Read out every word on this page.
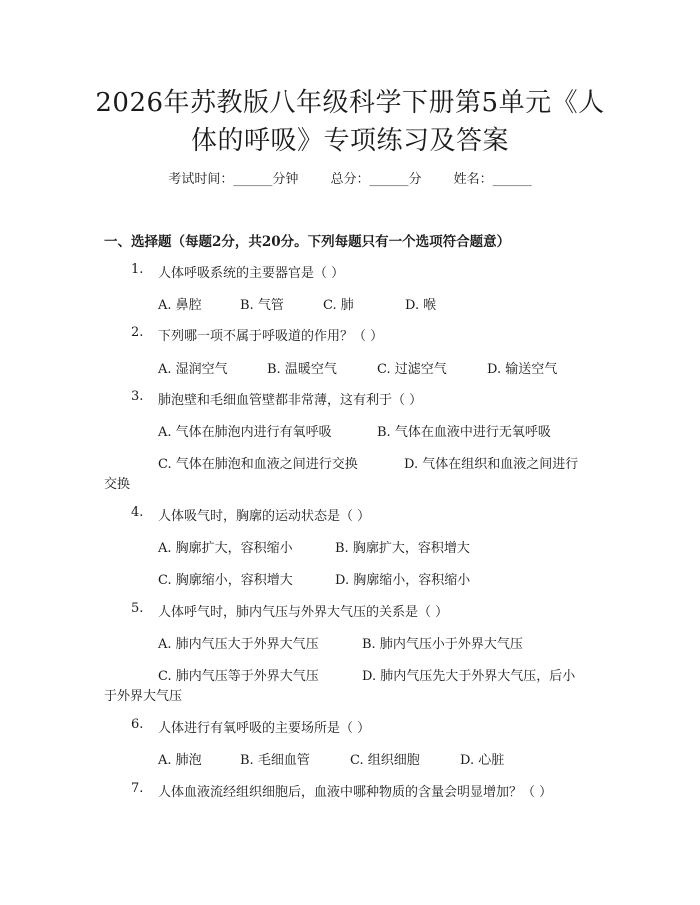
2026年苏教版八年级科学下册第5单元《人
体的呼吸》专项练习及答案
考试时间：______分钟 总分：______分 姓名：______
一、选择题（每题2分，共20分。下列每题只有一个选项符合题意）
1. 人体呼吸系统的主要器官是（ ）
A. 鼻腔	B. 气管	C. 肺	D. 喉
2. 下列哪一项不属于呼吸道的作用？（ ）
A. 湿润空气	B. 温暖空气	C. 过滤空气	D. 输送空气
3. 肺泡壁和毛细血管壁都非常薄，这有利于（ ）
A. 气体在肺泡内进行有氧呼吸	B. 气体在血液中进行无氧呼吸
C. 气体在肺泡和血液之间进行交换	D. 气体在组织和血液之间进行
交换
4. 人体吸气时，胸廓的运动状态是（ ）
A. 胸廓扩大，容积缩小	B. 胸廓扩大，容积增大
C. 胸廓缩小，容积增大	D. 胸廓缩小，容积缩小
5. 人体呼气时，肺内气压与外界大气压的关系是（ ）
A. 肺内气压大于外界大气压	B. 肺内气压小于外界大气压
C. 肺内气压等于外界大气压	D. 肺内气压先大于外界大气压，后小
于外界大气压
6. 人体进行有氧呼吸的主要场所是（ ）
A. 肺泡	B. 毛细血管	C. 组织细胞	D. 心脏
7. 人体血液流经组织细胞后，血液中哪种物质的含量会明显增加？（ ）
